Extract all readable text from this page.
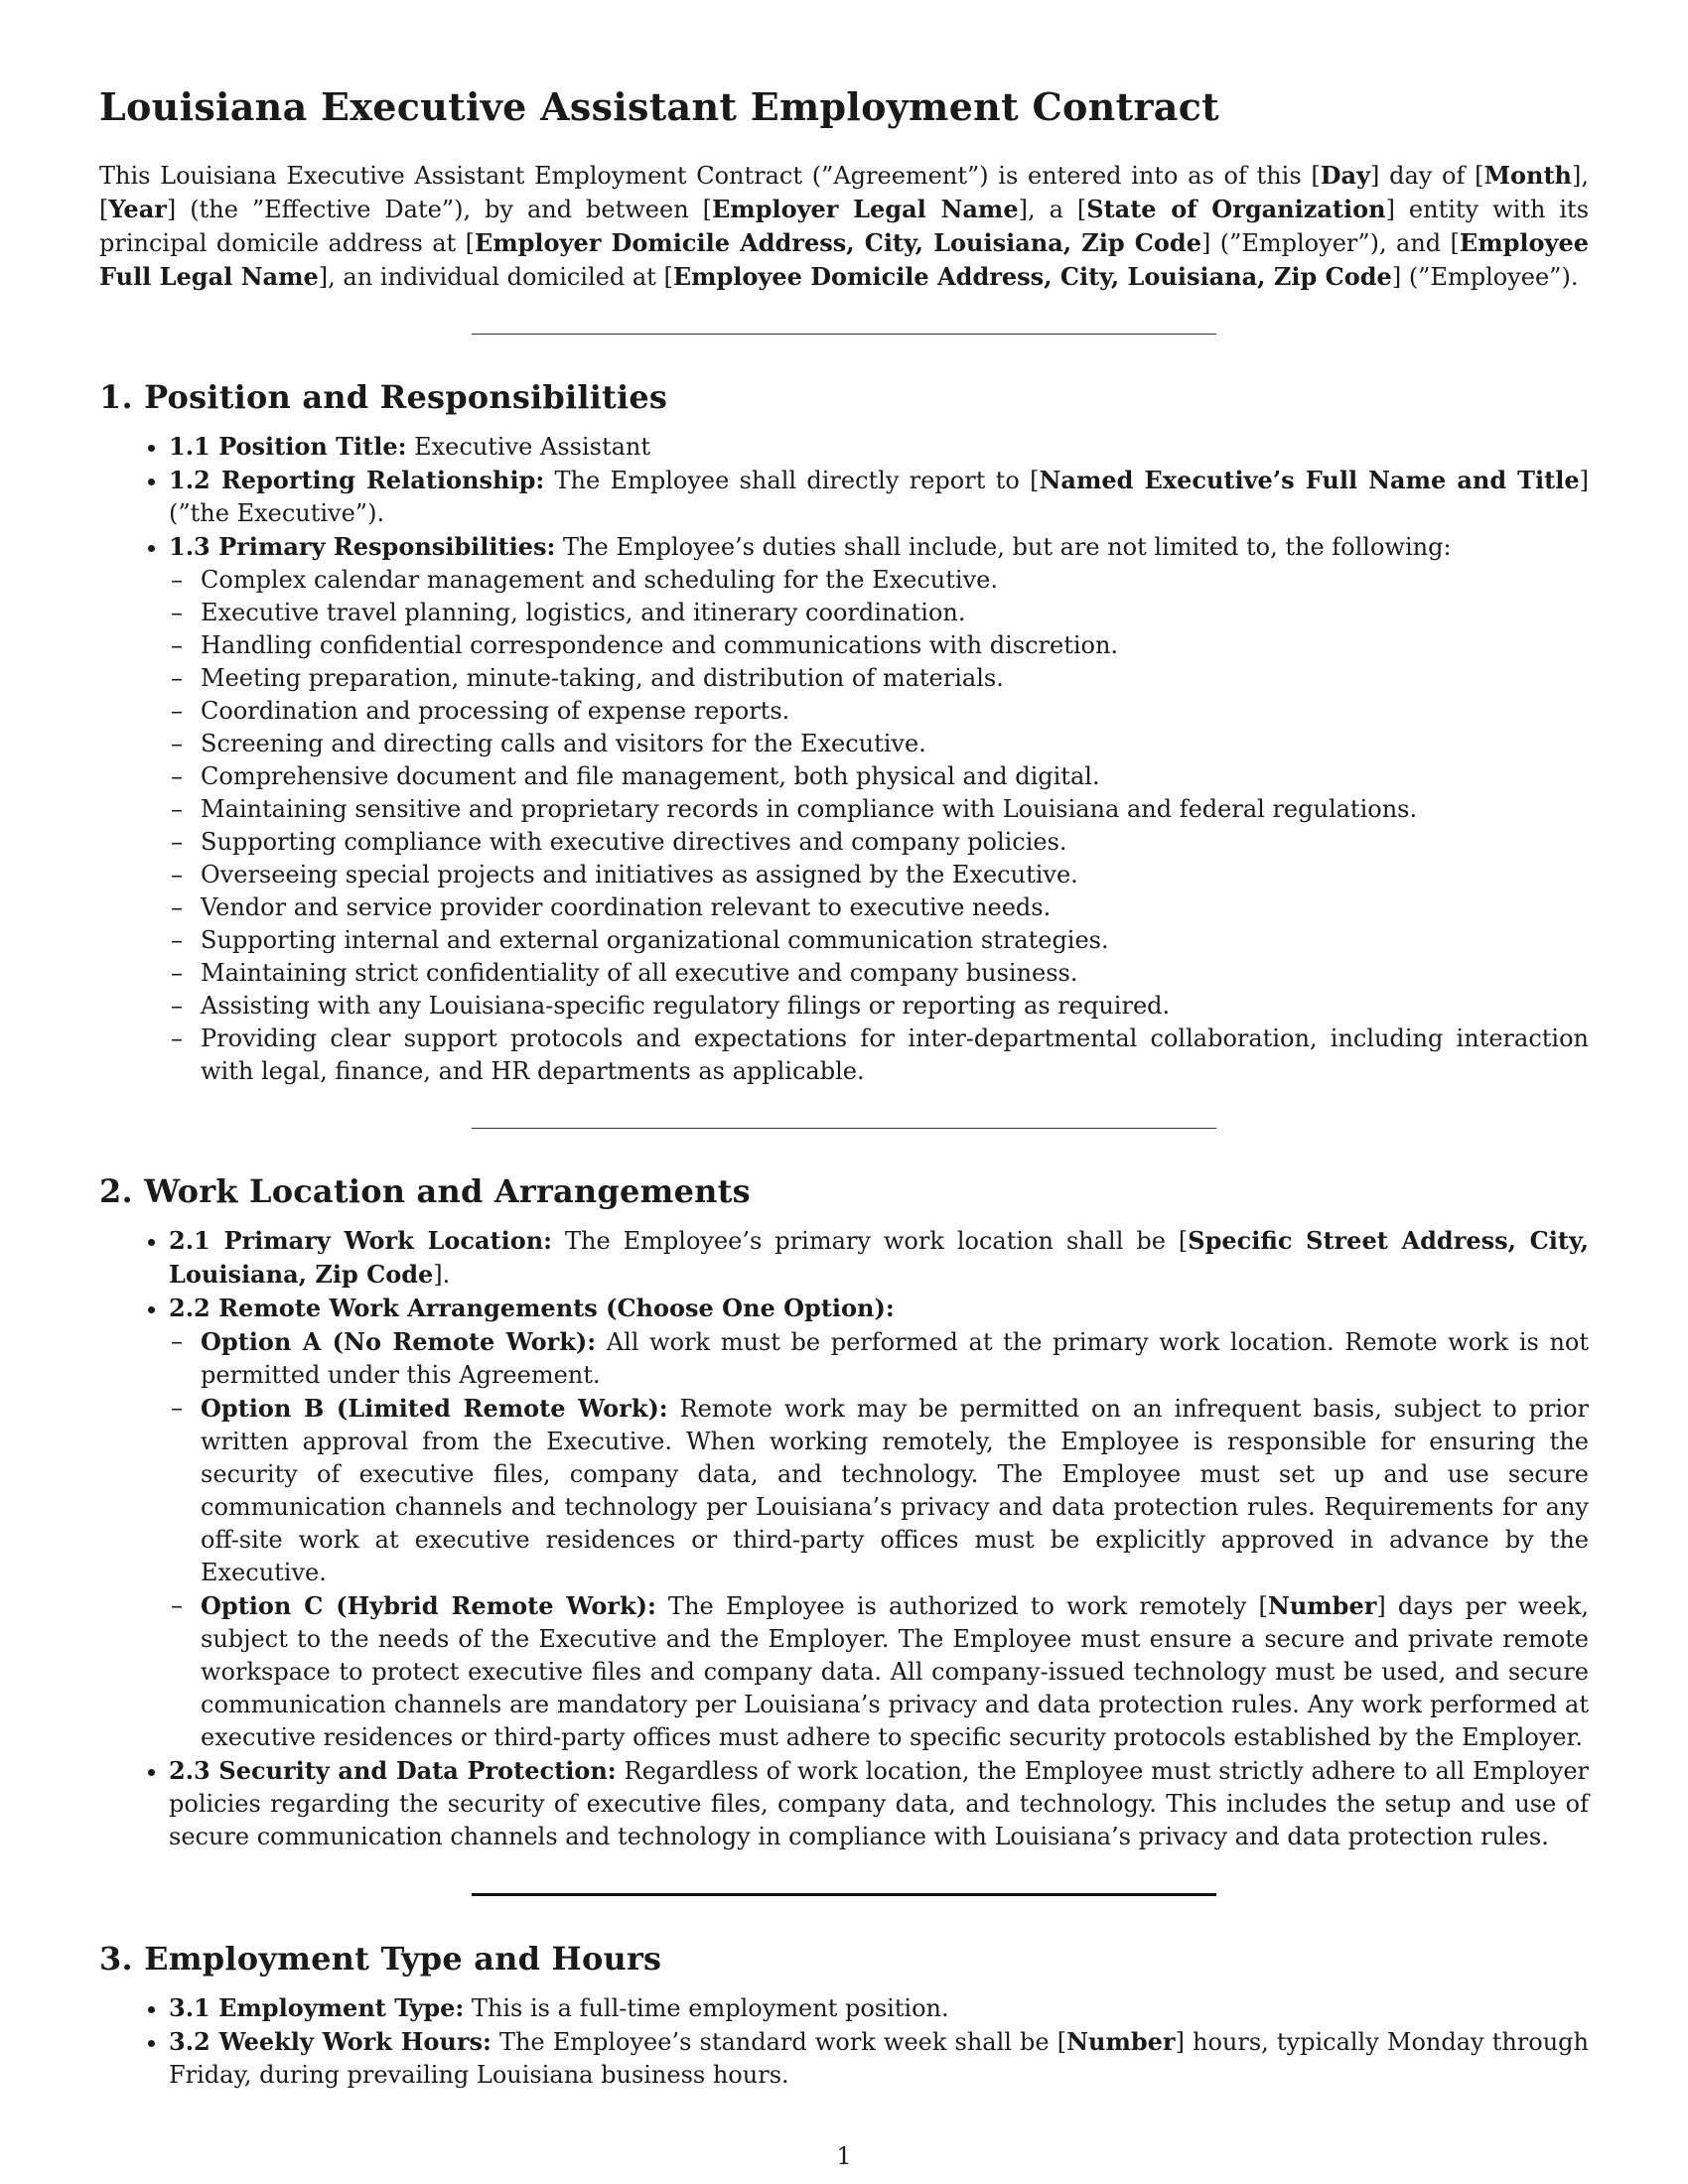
Louisiana Executive Assistant Employment Contract

This Louisiana Executive Assistant Employment Contract (”Agreement”) is entered into as of this [Day] day of [Month], [Year] (the ”Effective Date”), by and between [Employer Legal Name], a [State of Organization] entity with its principal domicile address at [Employer Domicile Address, City, Louisiana, Zip Code] (”Employer”), and [Employee Full Legal Name], an individual domiciled at [Employee Domicile Address, City, Louisiana, Zip Code] (”Employee”).

1. Position and Responsibilities
• 1.1 Position Title: Executive Assistant
• 1.2 Reporting Relationship: The Employee shall directly report to [Named Executive’s Full Name and Title] (”the Executive”).
• 1.3 Primary Responsibilities: The Employee’s duties shall include, but are not limited to, the following:
– Complex calendar management and scheduling for the Executive.
– Executive travel planning, logistics, and itinerary coordination.
– Handling confidential correspondence and communications with discretion.
– Meeting preparation, minute-taking, and distribution of materials.
– Coordination and processing of expense reports.
– Screening and directing calls and visitors for the Executive.
– Comprehensive document and file management, both physical and digital.
– Maintaining sensitive and proprietary records in compliance with Louisiana and federal regulations.
– Supporting compliance with executive directives and company policies.
– Overseeing special projects and initiatives as assigned by the Executive.
– Vendor and service provider coordination relevant to executive needs.
– Supporting internal and external organizational communication strategies.
– Maintaining strict confidentiality of all executive and company business.
– Assisting with any Louisiana-specific regulatory filings or reporting as required.
– Providing clear support protocols and expectations for inter-departmental collaboration, including interaction with legal, finance, and HR departments as applicable.
2. Work Location and Arrangements
• 2.1 Primary Work Location: The Employee’s primary work location shall be [Specific Street Address, City, Louisiana, Zip Code].
• 2.2 Remote Work Arrangements (Choose One Option):
– Option A (No Remote Work): All work must be performed at the primary work location. Remote work is not permitted under this Agreement.
– Option B (Limited Remote Work): Remote work may be permitted on an infrequent basis, subject to prior written approval from the Executive. When working remotely, the Employee is responsible for ensuring the security of executive files, company data, and technology. The Employee must set up and use secure communication channels and technology per Louisiana’s privacy and data protection rules. Requirements for any off-site work at executive residences or third-party offices must be explicitly approved in advance by the Executive.
– Option C (Hybrid Remote Work): The Employee is authorized to work remotely [Number] days per week, subject to the needs of the Executive and the Employer. The Employee must ensure a secure and private remote workspace to protect executive files and company data. All company-issued technology must be used, and secure communication channels are mandatory per Louisiana’s privacy and data protection rules. Any work performed at executive residences or third-party offices must adhere to specific security protocols established by the Employer.
• 2.3 Security and Data Protection: Regardless of work location, the Employee must strictly adhere to all Employer policies regarding the security of executive files, company data, and technology. This includes the setup and use of secure communication channels and technology in compliance with Louisiana’s privacy and data protection rules.
3. Employment Type and Hours
• 3.1 Employment Type: This is a full-time employment position.
• 3.2 Weekly Work Hours: The Employee’s standard work week shall be [Number] hours, typically Monday through Friday, during prevailing Louisiana business hours.
1
